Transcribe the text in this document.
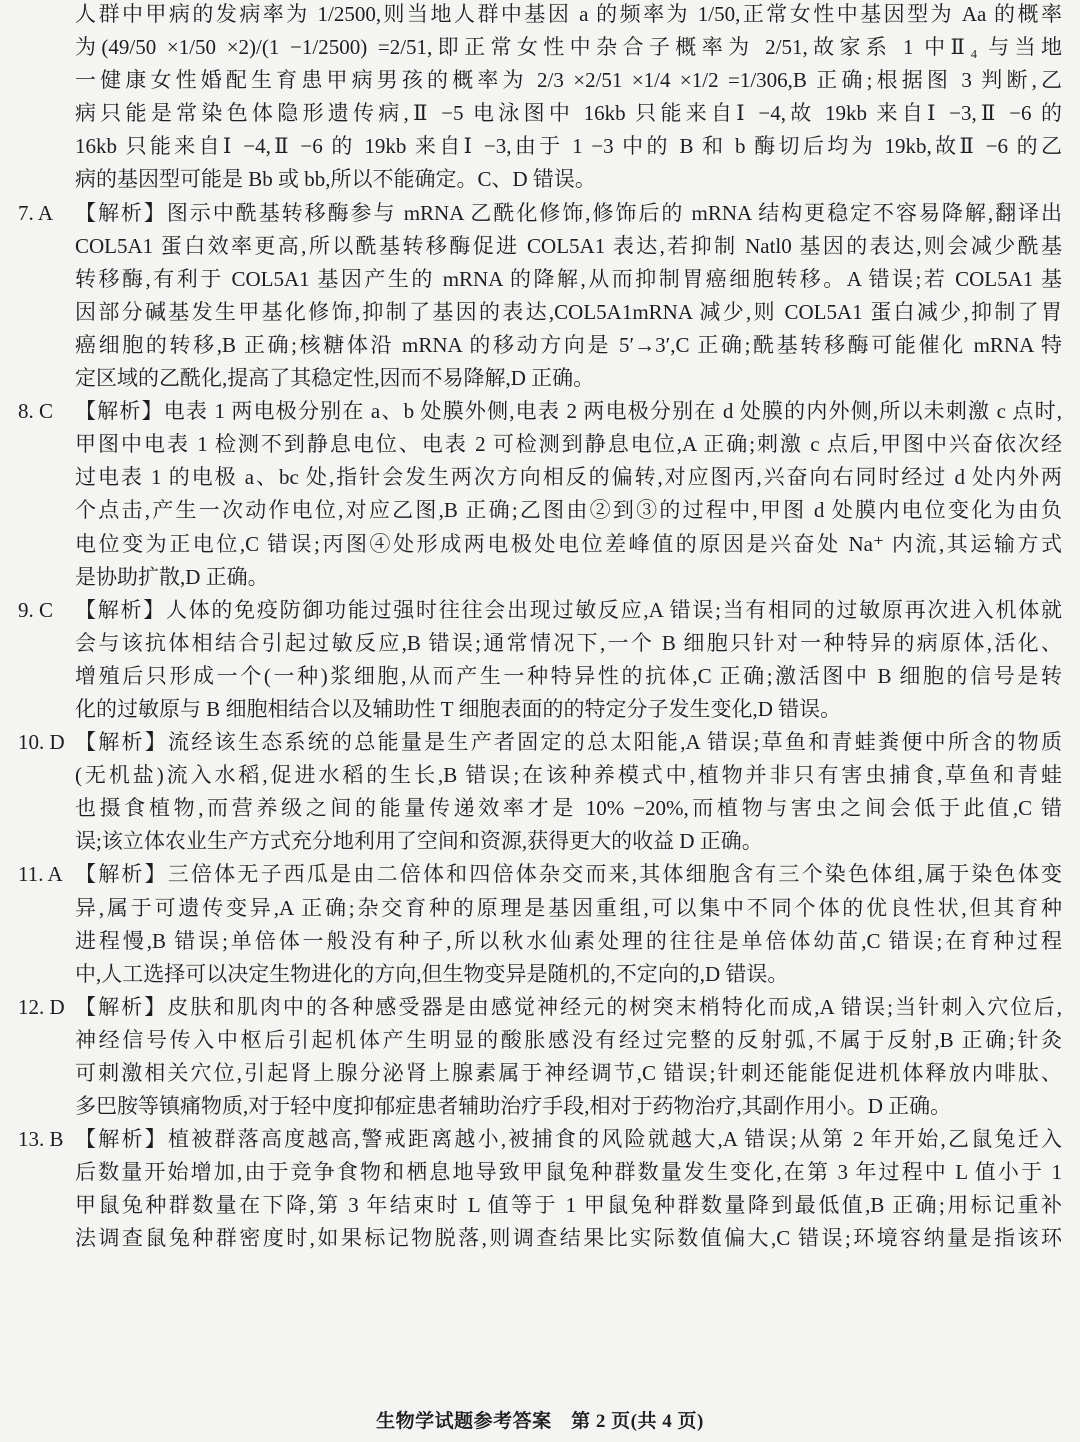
人群中甲病的发病率为 1/2500,则当地人群中基因 a 的频率为 1/50,正常女性中基因型为 Aa 的概率
为(49/50 ×1/50 ×2)/(1 −1/2500) =2/51,即正常女性中杂合子概率为 2/51,故家系 1 中Ⅱ₄ 与当地
一健康女性婚配生育患甲病男孩的概率为 2/3 ×2/51 ×1/4 ×1/2 =1/306,B 正确;根据图 3 判断,乙
病只能是常染色体隐形遗传病,Ⅱ −5 电泳图中 16kb 只能来自Ⅰ −4,故 19kb 来自Ⅰ −3,Ⅱ −6 的
16kb 只能来自Ⅰ −4,Ⅱ −6 的 19kb 来自Ⅰ −3,由于 1 −3 中的 B 和 b 酶切后均为 19kb,故Ⅱ −6 的乙
病的基因型可能是 Bb 或 bb,所以不能确定。C、D 错误。
7. A 【解析】图示中酰基转移酶参与 mRNA 乙酰化修饰,修饰后的 mRNA 结构更稳定不容易降解,翻译出
COL5A1 蛋白效率更高,所以酰基转移酶促进 COL5A1 表达,若抑制 Natl0 基因的表达,则会减少酰基
转移酶,有利于 COL5A1 基因产生的 mRNA 的降解,从而抑制胃癌细胞转移。A 错误;若 COL5A1 基
因部分碱基发生甲基化修饰,抑制了基因的表达,COL5A1mRNA 减少,则 COL5A1 蛋白减少,抑制了胃
癌细胞的转移,B 正确;核糖体沿 mRNA 的移动方向是 5′→3′,C 正确;酰基转移酶可能催化 mRNA 特
定区域的乙酰化,提高了其稳定性,因而不易降解,D 正确。
8. C 【解析】电表 1 两电极分别在 a、b 处膜外侧,电表 2 两电极分别在 d 处膜的内外侧,所以未刺激 c 点时,
甲图中电表 1 检测不到静息电位、电表 2 可检测到静息电位,A 正确;刺激 c 点后,甲图中兴奋依次经
过电表 1 的电极 a、bc 处,指针会发生两次方向相反的偏转,对应图丙,兴奋向右同时经过 d 处内外两
个点击,产生一次动作电位,对应乙图,B 正确;乙图由②到③的过程中,甲图 d 处膜内电位变化为由负
电位变为正电位,C 错误;丙图④处形成两电极处电位差峰值的原因是兴奋处 Na⁺ 内流,其运输方式
是协助扩散,D 正确。
9. C 【解析】人体的免疫防御功能过强时往往会出现过敏反应,A 错误;当有相同的过敏原再次进入机体就
会与该抗体相结合引起过敏反应,B 错误;通常情况下,一个 B 细胞只针对一种特异的病原体,活化、
增殖后只形成一个(一种)浆细胞,从而产生一种特异性的抗体,C 正确;激活图中 B 细胞的信号是转
化的过敏原与 B 细胞相结合以及辅助性 T 细胞表面的的特定分子发生变化,D 错误。
10. D 【解析】流经该生态系统的总能量是生产者固定的总太阳能,A 错误;草鱼和青蛙粪便中所含的物质
(无机盐)流入水稻,促进水稻的生长,B 错误;在该种养模式中,植物并非只有害虫捕食,草鱼和青蛙
也摄食植物,而营养级之间的能量传递效率才是 10% −20%,而植物与害虫之间会低于此值,C 错
误;该立体农业生产方式充分地利用了空间和资源,获得更大的收益 D 正确。
11. A 【解析】三倍体无子西瓜是由二倍体和四倍体杂交而来,其体细胞含有三个染色体组,属于染色体变
异,属于可遗传变异,A 正确;杂交育种的原理是基因重组,可以集中不同个体的优良性状,但其育种
进程慢,B 错误;单倍体一般没有种子,所以秋水仙素处理的往往是单倍体幼苗,C 错误;在育种过程
中,人工选择可以决定生物进化的方向,但生物变异是随机的,不定向的,D 错误。
12. D 【解析】皮肤和肌肉中的各种感受器是由感觉神经元的树突末梢特化而成,A 错误;当针刺入穴位后,
神经信号传入中枢后引起机体产生明显的酸胀感没有经过完整的反射弧,不属于反射,B 正确;针灸
可刺激相关穴位,引起肾上腺分泌肾上腺素属于神经调节,C 错误;针刺还能能促进机体释放内啡肽、
多巴胺等镇痛物质,对于轻中度抑郁症患者辅助治疗手段,相对于药物治疗,其副作用小。D 正确。
13. B 【解析】植被群落高度越高,警戒距离越小,被捕食的风险就越大,A 错误;从第 2 年开始,乙鼠兔迁入
后数量开始增加,由于竞争食物和栖息地导致甲鼠兔种群数量发生变化,在第 3 年过程中 L 值小于 1
甲鼠兔种群数量在下降,第 3 年结束时 L 值等于 1 甲鼠兔种群数量降到最低值,B 正确;用标记重补
法调查鼠兔种群密度时,如果标记物脱落,则调查结果比实际数值偏大,C 错误;环境容纳量是指该环
生物学试题参考答案　第 2 页(共 4 页)
